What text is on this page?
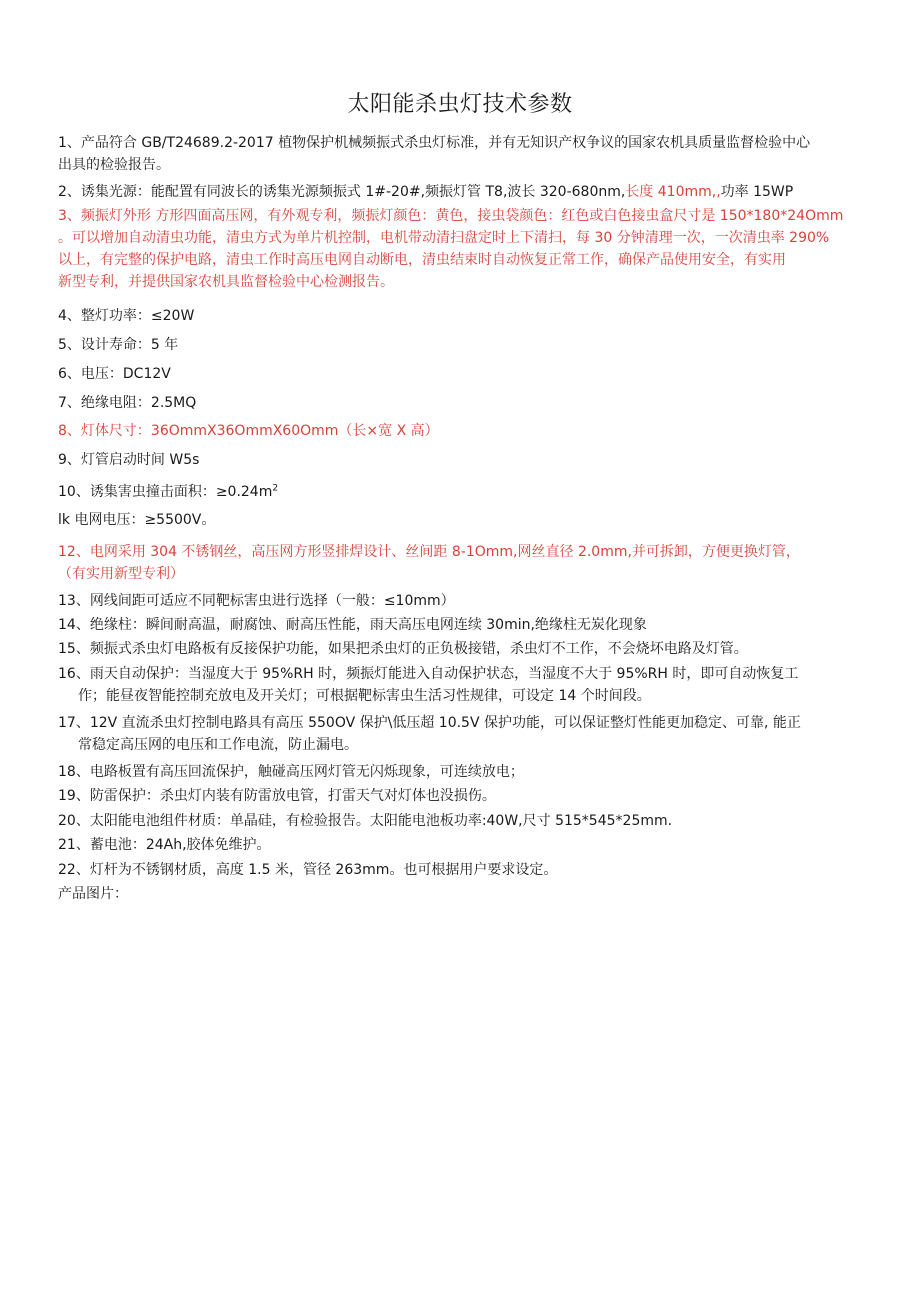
太阳能杀虫灯技术参数
1、产品符合 GB/T24689.2-2017 植物保护机械频振式杀虫灯标准，并有无知识产权争议的国家农机具质量监督检验中心
出具的检验报告。
2、诱集光源：能配置有同波长的诱集光源频振式 1#-20#,频振灯管 T8,波长 320-680nm,长度 410mm,,功率 15WP
3、频振灯外形 方形四面高压网，有外观专利，频振灯颜色：黄色，接虫袋颜色：红色或白色接虫盒尺寸是 150*180*24Omm
。可以增加自动清虫功能，清虫方式为单片机控制，电机带动清扫盘定时上下清扫，每 30 分钟清理一次，一次清虫率 290%
以上，有完整的保护电路，清虫工作时高压电网自动断电，清虫结束时自动恢复正常工作，确保产品使用安全，有实用
新型专利，并提供国家农机具监督检验中心检测报告。
4、整灯功率：≤20W
5、设计寿命：5 年
6、电压：DC12V
7、绝缘电阻：2.5MQ
8、灯体尺寸：36OmmX36OmmX60Omm（长×宽 X 高）
9、灯管启动时间 W5s
10、诱集害虫撞击面积：$\ge 0.24m^2$
lk 电网电压：≥5500V。
12、电网采用 304 不锈钢丝，高压网方形竖排焊设计、丝间距 8-1Omm,网丝直径 2.0mm,并可拆卸，方便更换灯管，
（有实用新型专利）
13、网线间距可适应不同靶标害虫进行选择（一般：≤10mm）
14、绝缘柱：瞬间耐高温，耐腐蚀、耐高压性能，雨天高压电网连续 30min,绝缘柱无炭化现象
15、频振式杀虫灯电路板有反接保护功能，如果把杀虫灯的正负极接错，杀虫灯不工作，不会烧坏电路及灯管。
16、雨天自动保护：当湿度大于 95%RH 时，频振灯能进入自动保护状态，当湿度不大于 95%RH 时，即可自动恢复工
作；能昼夜智能控制充放电及开关灯；可根据靶标害虫生活习性规律，可设定 14 个时间段。
17、12V 直流杀虫灯控制电路具有高压 550OV 保护\低压超 10.5V 保护功能，可以保证整灯性能更加稳定、可靠, 能正
常稳定高压网的电压和工作电流，防止漏电。
18、电路板置有高压回流保护，触碰高压网灯管无闪烁现象，可连续放电；
19、防雷保护：杀虫灯内装有防雷放电管，打雷天气对灯体也没损伤。
20、太阳能电池组件材质：单晶硅，有检验报告。太阳能电池板功率:40W,尺寸 515*545*25mm.
21、蓄电池：24Ah,胶体免维护。
22、灯杆为不锈钢材质，高度 1.5 米，管径 263mm。也可根据用户要求设定。
产品图片：
